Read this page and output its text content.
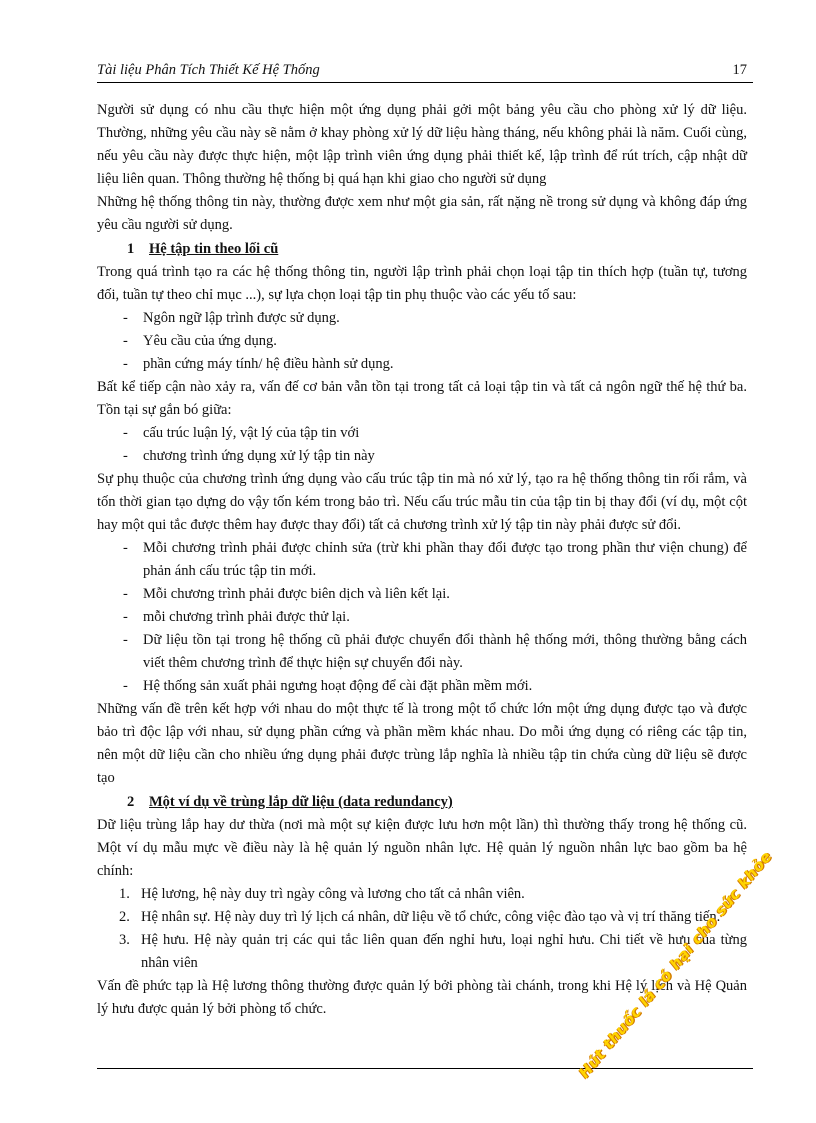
Tài liệu Phân Tích Thiết Kế Hệ Thống	17

Người sử dụng có nhu cầu thực hiện một ứng dụng phải gởi một bảng yêu cầu cho phòng xử lý dữ liệu. Thường, những yêu cầu này sẽ nằm ở khay phòng xử lý dữ liệu hàng tháng, nếu không phải là năm. Cuối cùng, nếu yêu cầu này được thực hiện, một lập trình viên ứng dụng phải thiết kế, lập trình để rút trích, cập nhật dữ liệu liên quan. Thông thường hệ thống bị quá hạn khi giao cho người sử dụng

Những hệ thống thông tin này, thường được xem như một gia sản, rất nặng nề trong sử dụng và không đáp ứng yêu cầu người sử dụng.

1 Hệ tập tin theo lối cũ

Trong quá trình tạo ra các hệ thống thông tin, người lập trình phải chọn loại tập tin thích hợp (tuần tự, tương đối, tuần tự theo chỉ mục ...), sự lựa chọn loại tập tin phụ thuộc vào các yếu tố sau:

- Ngôn ngữ lập trình được sử dụng.
- Yêu cầu của ứng dụng.
- phần cứng máy tính/ hệ điều hành sử dụng.

Bất kể tiếp cận nào xảy ra, vấn đế cơ bản vẫn tồn tại trong tất cả loại tập tin và tất cả ngôn ngữ thế hệ thứ ba. Tồn tại sự gắn bó giữa:

- cấu trúc luận lý, vật lý của tập tin với
- chương trình ứng dụng xử lý tập tin này

Sự phụ thuộc của chương trình ứng dụng vào cấu trúc tập tin mà nó xử lý, tạo ra hệ thống thông tin rối rắm, và tốn thời gian tạo dựng do vậy tốn kém trong bảo trì. Nếu cấu trúc mẫu tin của tập tin bị thay đổi (ví dụ, một cột hay một qui tắc được thêm hay được thay đổi) tất cả chương trình xử lý tập tin này phải được sử đổi.

- Mỗi chương trình phải được chỉnh sửa (trừ khi phần thay đổi được tạo trong phần thư viện chung) để phản ánh cấu trúc tập tin mới.
- Mỗi chương trình phải được biên dịch và liên kết lại.
- mỗi chương trình phải được thử lại.
- Dữ liệu tồn tại trong hệ thống cũ phải được chuyển đổi thành hệ thống mới, thông thường bằng cách viết thêm chương trình để thực hiện sự chuyển đổi này.
- Hệ thống sản xuất phải ngưng hoạt động để cài đặt phần mềm mới.

Những vấn đề trên kết hợp với nhau do một thực tế là trong một tổ chức lớn một ứng dụng được tạo và được bảo trì độc lập với nhau, sử dụng phần cứng và phần mềm khác nhau. Do mỗi ứng dụng có riêng các tập tin, nên một dữ liệu cần cho nhiều ứng dụng phải được trùng lắp nghĩa là nhiều tập tin chứa cùng dữ liệu sẽ được tạo

2 Một ví dụ về trùng lắp dữ liệu (data redundancy)

Dữ liệu trùng lắp hay dư thừa (nơi mà một sự kiện được lưu hơn một lần) thì thường thấy trong hệ thống cũ. Một ví dụ mẫu mực về điều này là hệ quản lý nguồn nhân lực. Hệ quản lý nguồn nhân lực bao gồm ba hệ chính:

1. Hệ lương, hệ này duy trì ngày công và lương cho tất cả nhân viên.
2. Hệ nhân sự. Hệ này duy trì lý lịch cá nhân, dữ liệu về tổ chức, công việc đào tạo và vị trí thăng tiến.
3. Hệ hưu. Hệ này quản trị các qui tắc liên quan đến nghỉ hưu, loại nghỉ hưu. Chi tiết về hưu của từng nhân viên

Vấn đề phức tạp là Hệ lương thông thường được quản lý bởi phòng tài chánh, trong khi Hệ lý lịch và Hệ Quản lý hưu được quản lý bởi phòng tổ chức.	Hút thuốc lá có hại cho sức khỏe
